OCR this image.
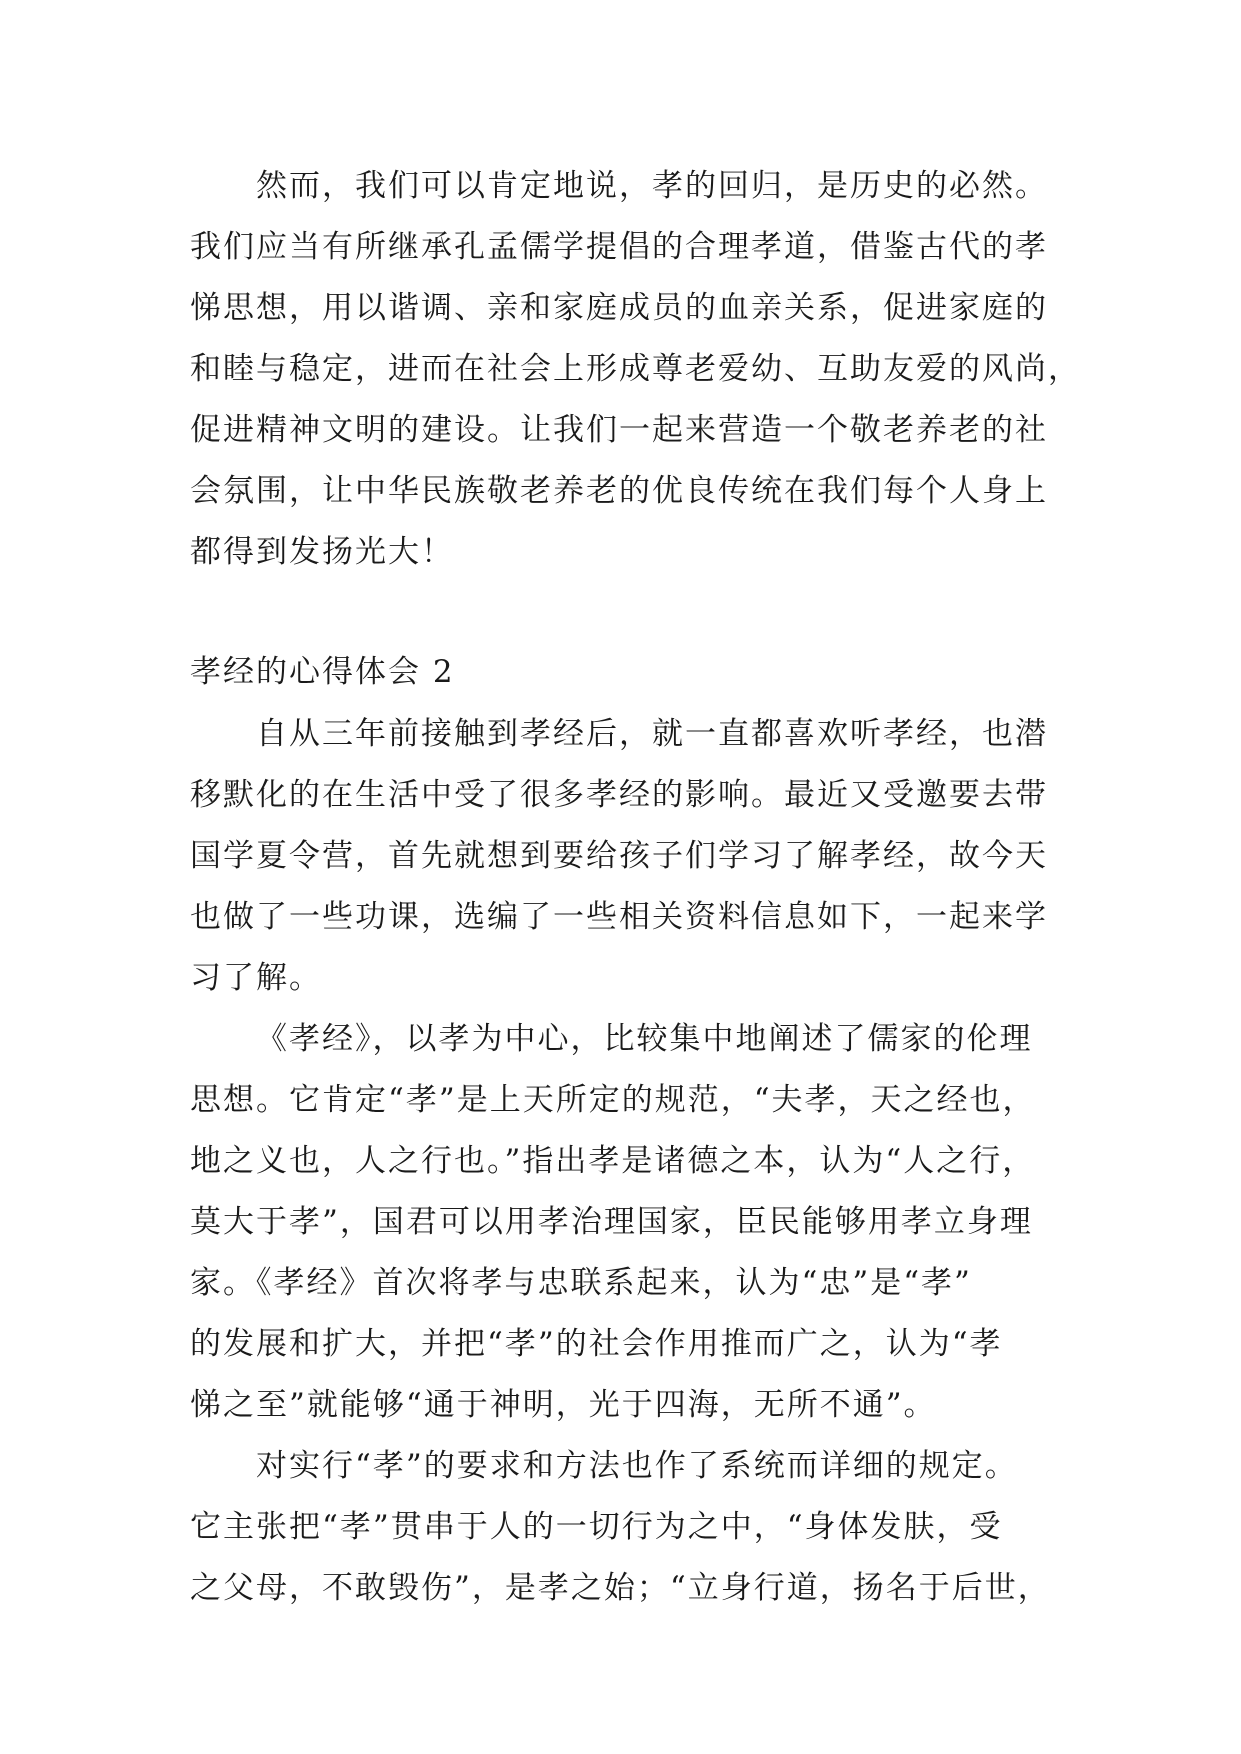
然而，我们可以肯定地说，孝的回归，是历史的必然。
我们应当有所继承孔孟儒学提倡的合理孝道，借鉴古代的孝
悌思想，用以谐调、亲和家庭成员的血亲关系，促进家庭的
和睦与稳定，进而在社会上形成尊老爱幼、互助友爱的风尚，
促进精神文明的建设。让我们一起来营造一个敬老养老的社
会氛围，让中华民族敬老养老的优良传统在我们每个人身上
都得到发扬光大！
孝经的心得体会 2
自从三年前接触到孝经后，就一直都喜欢听孝经，也潜
移默化的在生活中受了很多孝经的影响。最近又受邀要去带
国学夏令营，首先就想到要给孩子们学习了解孝经，故今天
也做了一些功课，选编了一些相关资料信息如下，一起来学
习了解。
《孝经》，以孝为中心，比较集中地阐述了儒家的伦理
思想。它肯定“孝”是上天所定的规范，“夫孝，天之经也，
地之义也，人之行也。”指出孝是诸德之本，认为“人之行，
莫大于孝”，国君可以用孝治理国家，臣民能够用孝立身理
家。《孝经》首次将孝与忠联系起来，认为“忠”是“孝”
的发展和扩大，并把“孝”的社会作用推而广之，认为“孝
悌之至”就能够“通于神明，光于四海，无所不通”。
对实行“孝”的要求和方法也作了系统而详细的规定。
它主张把“孝”贯串于人的一切行为之中，“身体发肤，受
之父母，不敢毁伤”，是孝之始；“立身行道，扬名于后世，
